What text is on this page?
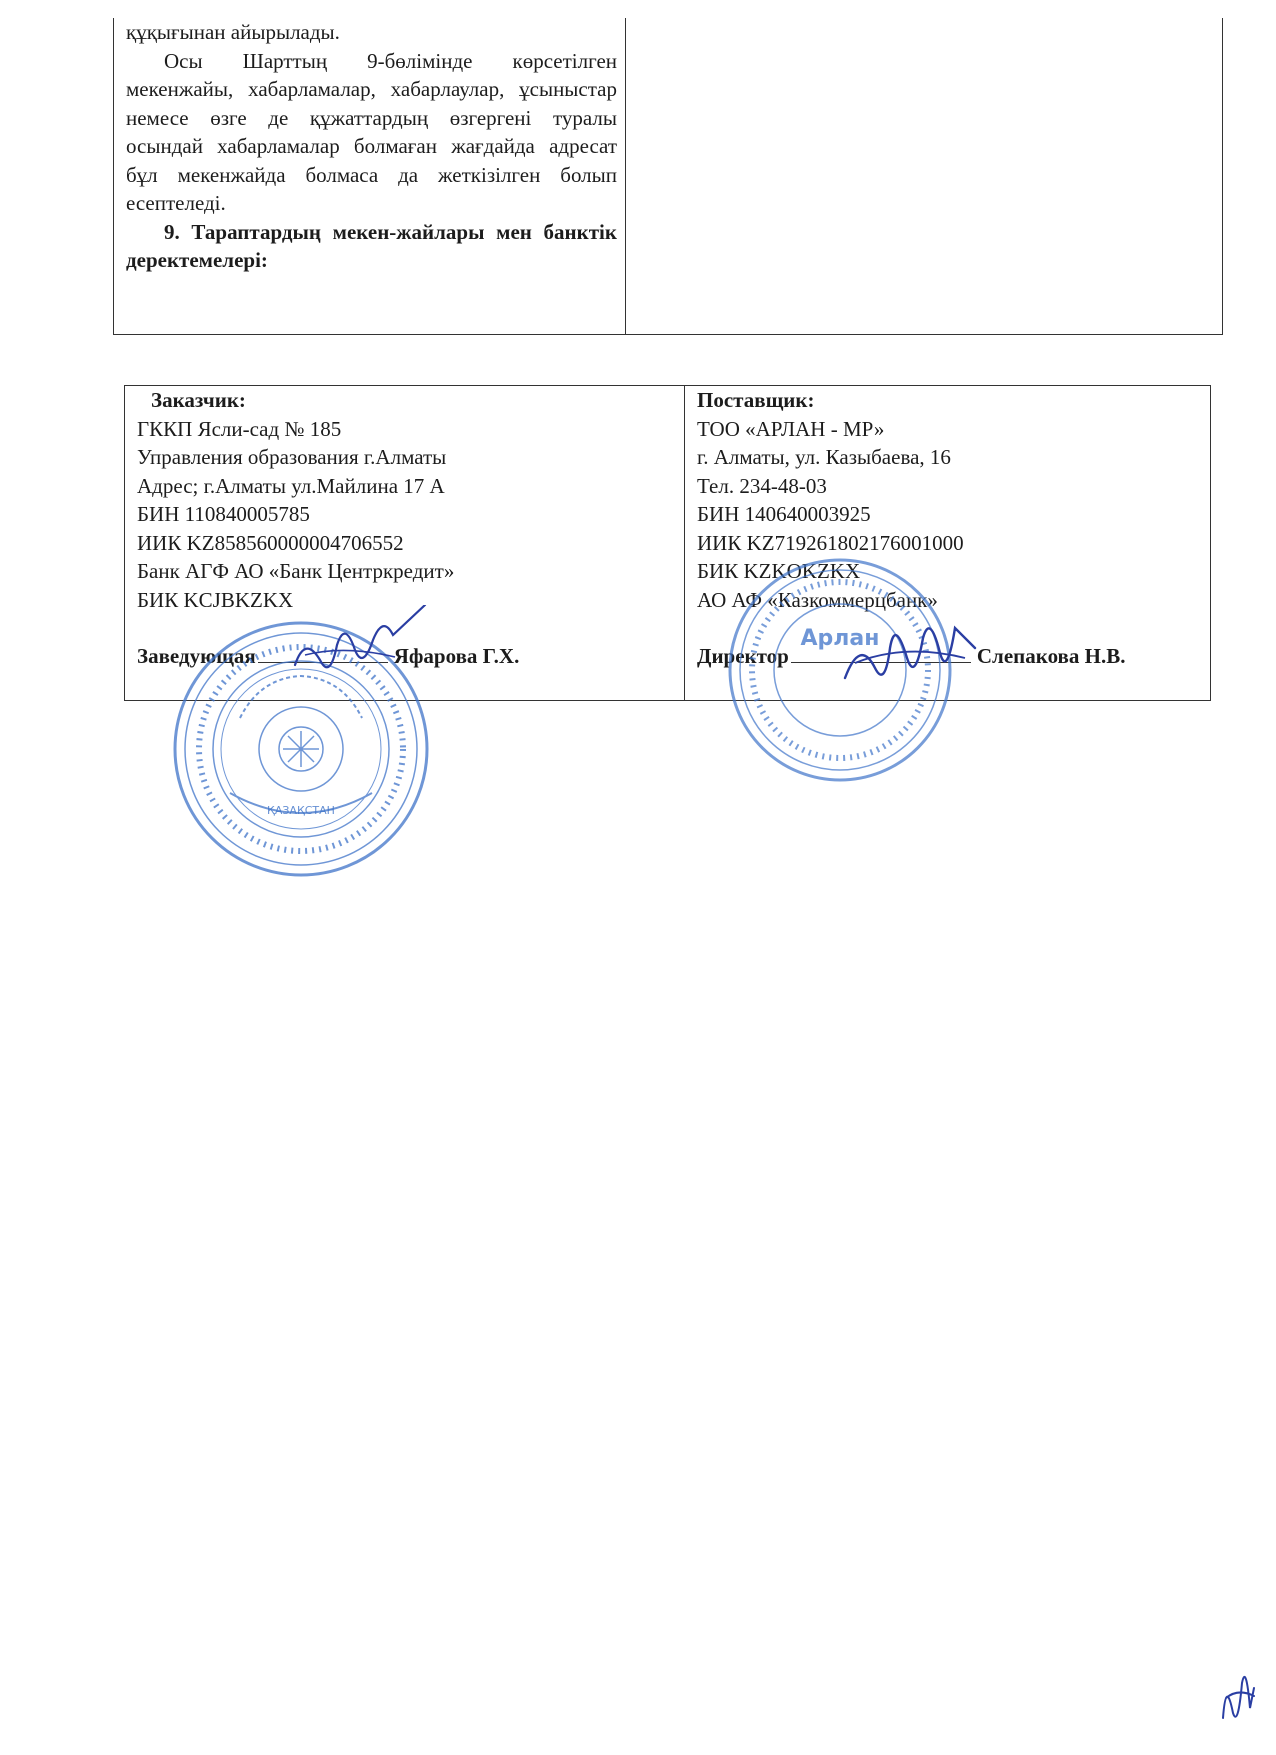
құқығынан айырылады.

Осы Шарттың 9-бөлімінде көрсетілген мекенжайы, хабарламалар, хабарлаулар, ұсыныстар немесе өзге де құжаттардың өзгергені туралы осындай хабарламалар болмаған жағдайда адресат бұл мекенжайда болмаса да жеткізілген болып есептеледі.

9. Тараптардың мекен-жайлары мен банктік деректемелері:

Заказчик:

ГККП Ясли-сад № 185

Управления образования г.Алматы

Адрес; г.Алматы ул.Майлина 17 А

БИН 110840005785

ИИК KZ858560000004706552

Банк АГФ АО «Банк Центркредит»

БИК KCJBKZKX

Заведующая	Яфарова Г.Х.

Поставщик:

ТОО «АРЛАН - МР»

г. Алматы, ул. Казыбаева, 16

Тел. 234-48-03

БИН 140640003925

ИИК KZ719261802176001000

БИК KZKOKZKX

АО АФ «Казкоммерцбанк»

Директор	Слепакова Н.В.
ҚАЗАҚСТАН
Арлан
